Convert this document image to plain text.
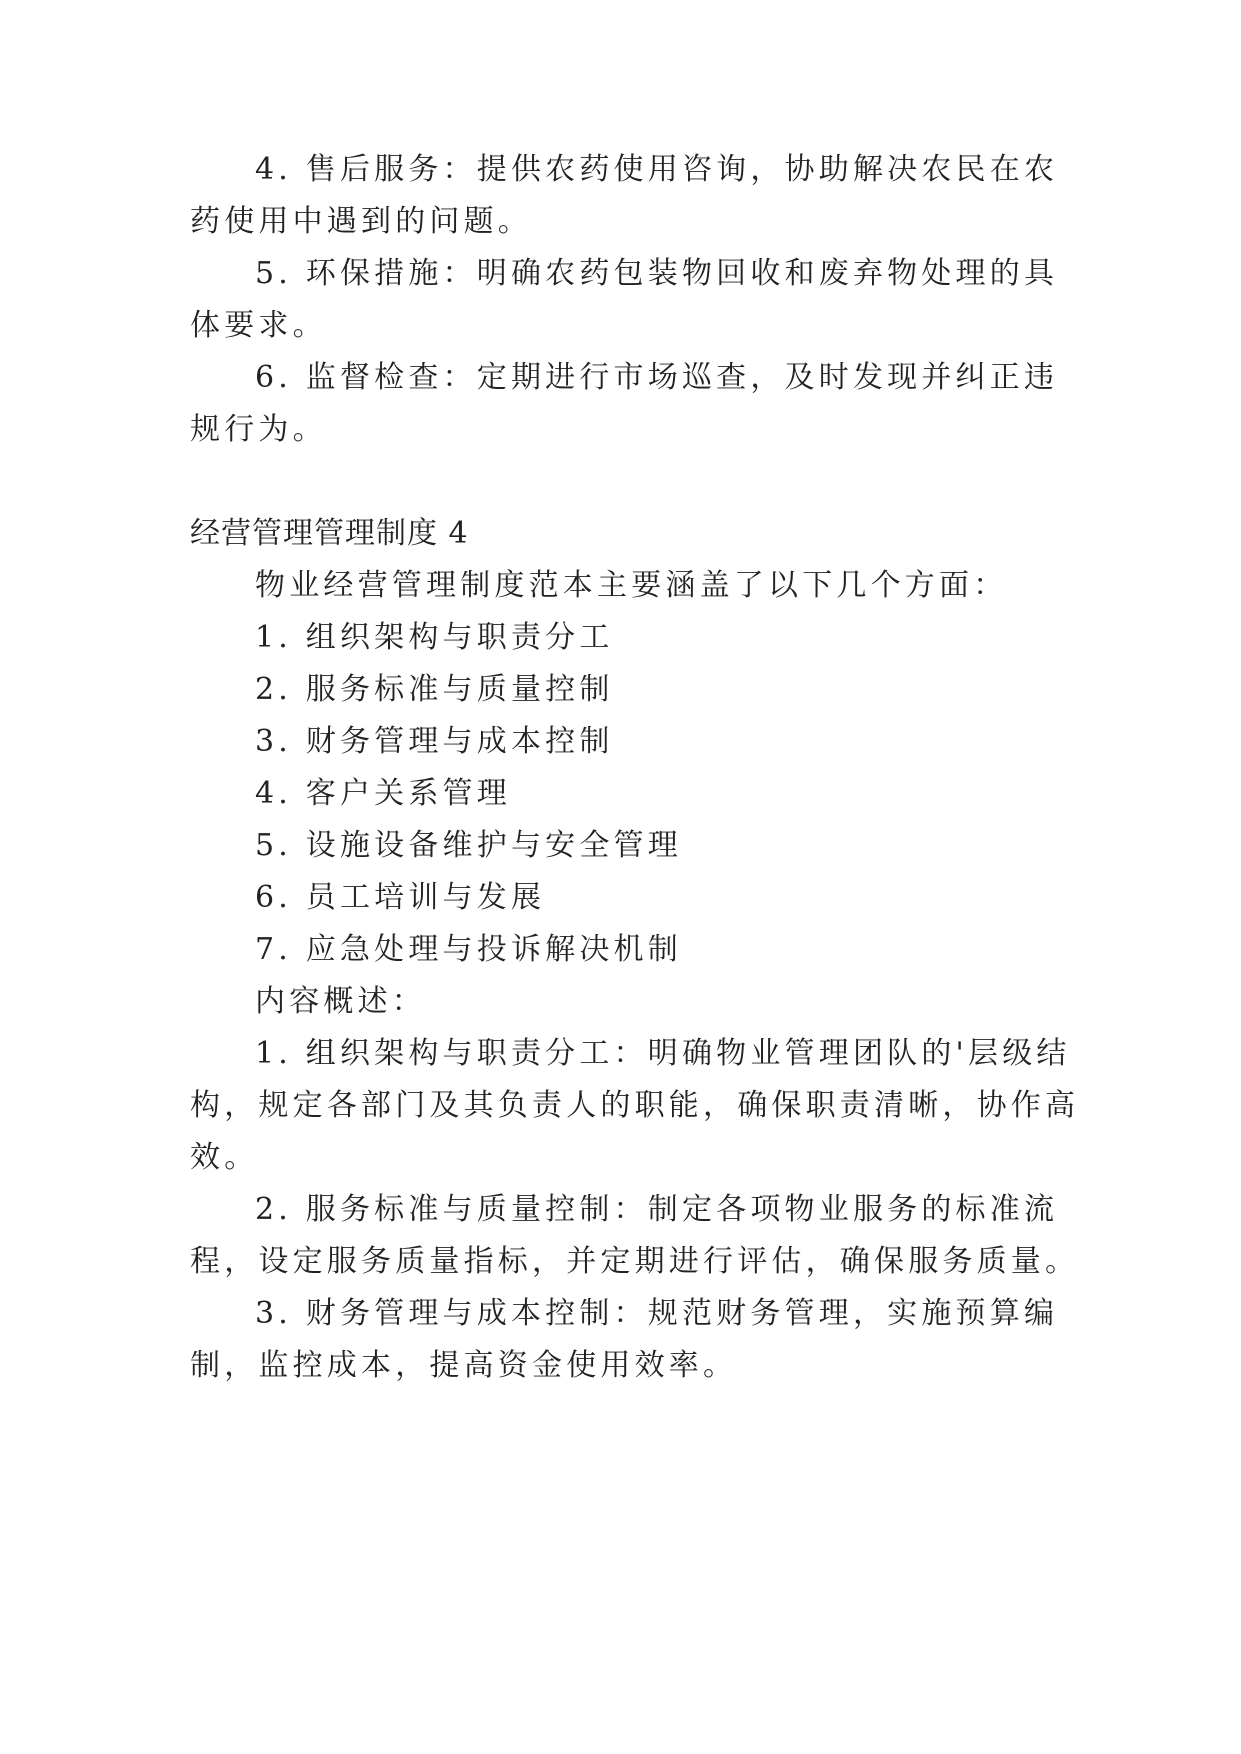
4. 售后服务：提供农药使用咨询，协助解决农民在农
药使用中遇到的问题。
5. 环保措施：明确农药包装物回收和废弃物处理的具
体要求。
6. 监督检查：定期进行市场巡查，及时发现并纠正违
规行为。
经营管理管理制度 4
物业经营管理制度范本主要涵盖了以下几个方面：
1. 组织架构与职责分工
2. 服务标准与质量控制
3. 财务管理与成本控制
4. 客户关系管理
5. 设施设备维护与安全管理
6. 员工培训与发展
7. 应急处理与投诉解决机制
内容概述：
1. 组织架构与职责分工：明确物业管理团队的'层级结
构，规定各部门及其负责人的职能，确保职责清晰，协作高
效。
2. 服务标准与质量控制：制定各项物业服务的标准流
程，设定服务质量指标，并定期进行评估，确保服务质量。
3. 财务管理与成本控制：规范财务管理，实施预算编
制，监控成本，提高资金使用效率。
